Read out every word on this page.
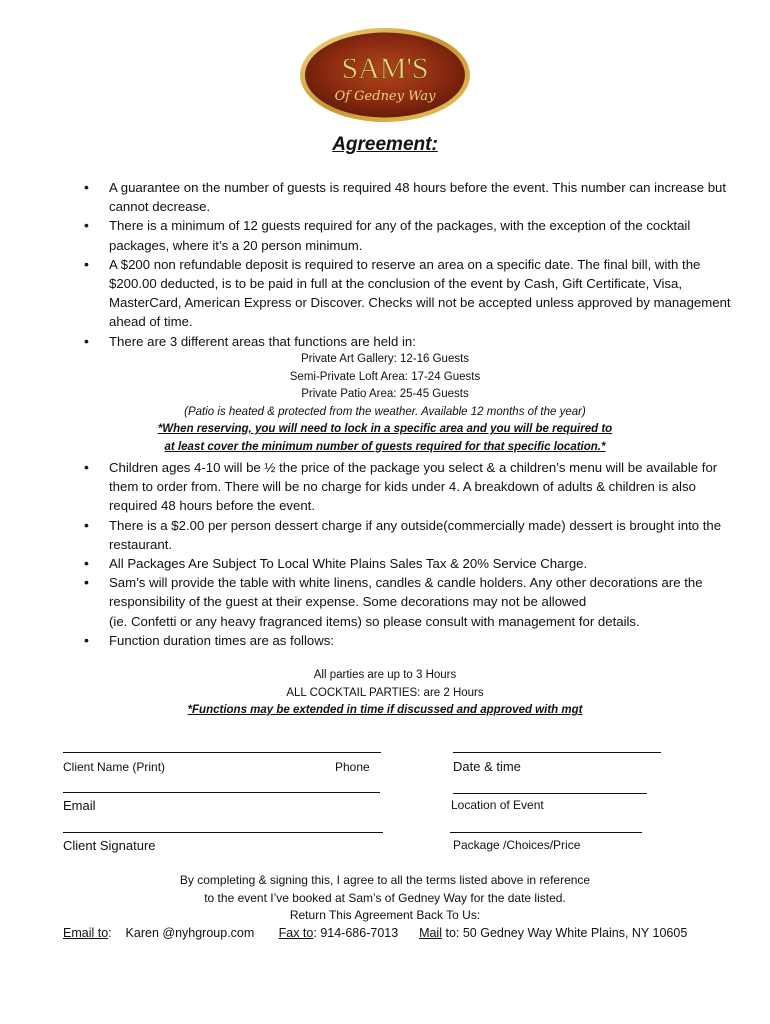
SAM'S
Of Gedney Way
Agreement:
• A guarantee on the number of guests is required 48 hours before the event. This number can increase but cannot decrease.
• There is a minimum of 12 guests required for any of the packages, with the exception of the cocktail packages, where it’s a 20 person minimum.
• A $200 non refundable deposit is required to reserve an area on a specific date. The final bill, with the $200.00 deducted, is to be paid in full at the conclusion of the event by Cash, Gift Certificate, Visa, MasterCard, American Express or Discover. Checks will not be accepted unless approved by management ahead of time.
• There are 3 different areas that functions are held in:
Private Art Gallery: 12-16 Guests
Semi-Private Loft Area: 17-24 Guests
Private Patio Area: 25-45 Guests
(Patio is heated & protected from the weather. Available 12 months of the year)
*When reserving, you will need to lock in a specific area and you will be required to
at least cover the minimum number of guests required for that specific location.*
• Children ages 4-10 will be ½ the price of the package you select & a children’s menu will be available for them to order from. There will be no charge for kids under 4. A breakdown of adults & children is also required 48 hours before the event.
• There is a $2.00 per person dessert charge if any outside(commercially made) dessert is brought into the restaurant.
• All Packages Are Subject To Local White Plains Sales Tax & 20% Service Charge.
• Sam’s will provide the table with white linens, candles & candle holders. Any other decorations are the responsibility of the guest at their expense. Some decorations may not be allowed
(ie. Confetti or any heavy fragranced items) so please consult with management for details.
• Function duration times are as follows:
All parties are up to 3 Hours
ALL COCKTAIL PARTIES: are 2 Hours
*Functions may be extended in time if discussed and approved with mgt
Client Name (Print)	Phone	Date & time
Email	Location of Event
Client Signature	Package /Choices/Price
By completing & signing this, I agree to all the terms listed above in reference
to the event I’ve booked at Sam’s of Gedney Way for the date listed.
Return This Agreement Back To Us:
Email to:    Karen @nyhgroup.com Fax to: 914-686-7013 Mail to: 50 Gedney Way White Plains, NY 10605
